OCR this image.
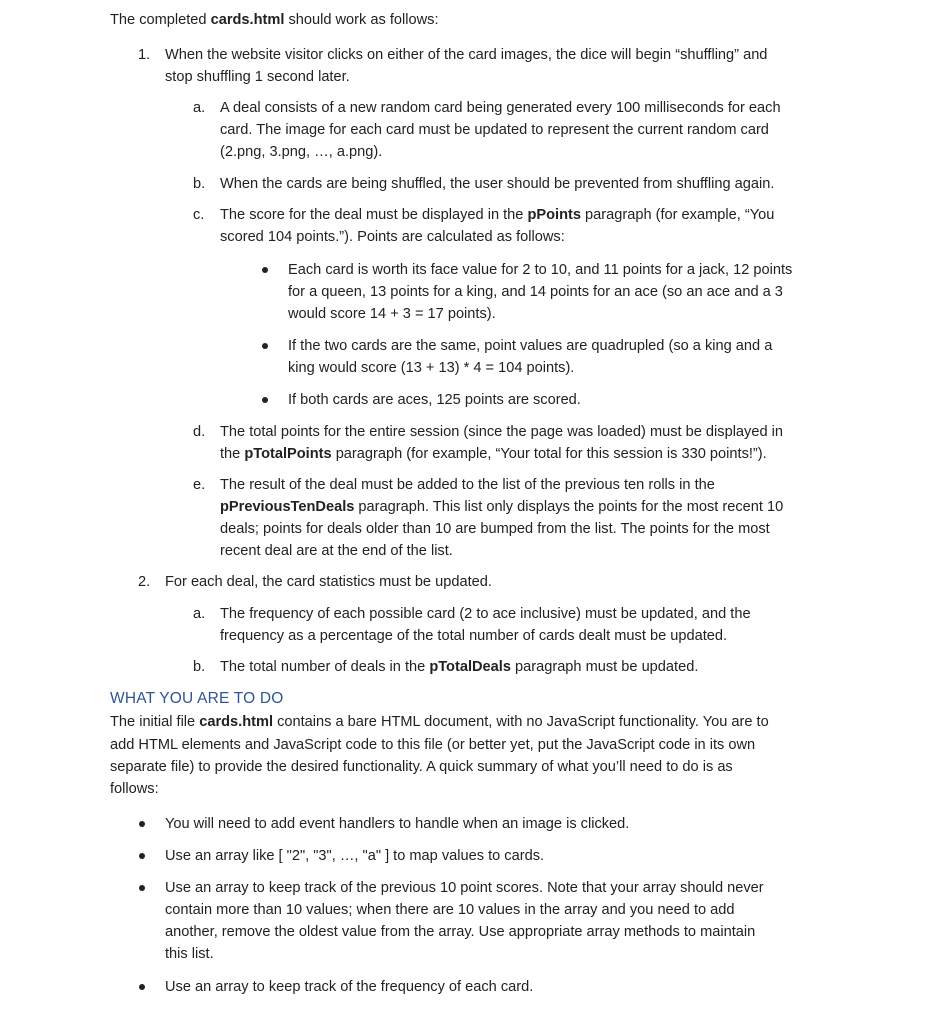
The completed cards.html should work as follows:
1. When the website visitor clicks on either of the card images, the dice will begin “shuffling” and
stop shuffling 1 second later.
a. A deal consists of a new random card being generated every 100 milliseconds for each
card. The image for each card must be updated to represent the current random card
(2.png, 3.png, …, a.png).
b. When the cards are being shuffled, the user should be prevented from shuffling again.
c. The score for the deal must be displayed in the pPoints paragraph (for example, “You
scored 104 points.”). Points are calculated as follows:
Each card is worth its face value for 2 to 10, and 11 points for a jack, 12 points
for a queen, 13 points for a king, and 14 points for an ace (so an ace and a 3
would score 14 + 3 = 17 points).
If the two cards are the same, point values are quadrupled (so a king and a
king would score (13 + 13) * 4 = 104 points).
If both cards are aces, 125 points are scored.
d. The total points for the entire session (since the page was loaded) must be displayed in
the pTotalPoints paragraph (for example, “Your total for this session is 330 points!”).
e. The result of the deal must be added to the list of the previous ten rolls in the
pPreviousTenDeals paragraph. This list only displays the points for the most recent 10
deals; points for deals older than 10 are bumped from the list. The points for the most
recent deal are at the end of the list.
2. For each deal, the card statistics must be updated.
a. The frequency of each possible card (2 to ace inclusive) must be updated, and the
frequency as a percentage of the total number of cards dealt must be updated.
b. The total number of deals in the pTotalDeals paragraph must be updated.
WHAT YOU ARE TO DO
The initial file cards.html contains a bare HTML document, with no JavaScript functionality. You are to
add HTML elements and JavaScript code to this file (or better yet, put the JavaScript code in its own
separate file) to provide the desired functionality. A quick summary of what you’ll need to do is as
follows:
You will need to add event handlers to handle when an image is clicked.
Use an array like [ "2", "3", …, "a" ] to map values to cards.
Use an array to keep track of the previous 10 point scores. Note that your array should never
contain more than 10 values; when there are 10 values in the array and you need to add
another, remove the oldest value from the array. Use appropriate array methods to maintain
this list.
Use an array to keep track of the frequency of each card.
